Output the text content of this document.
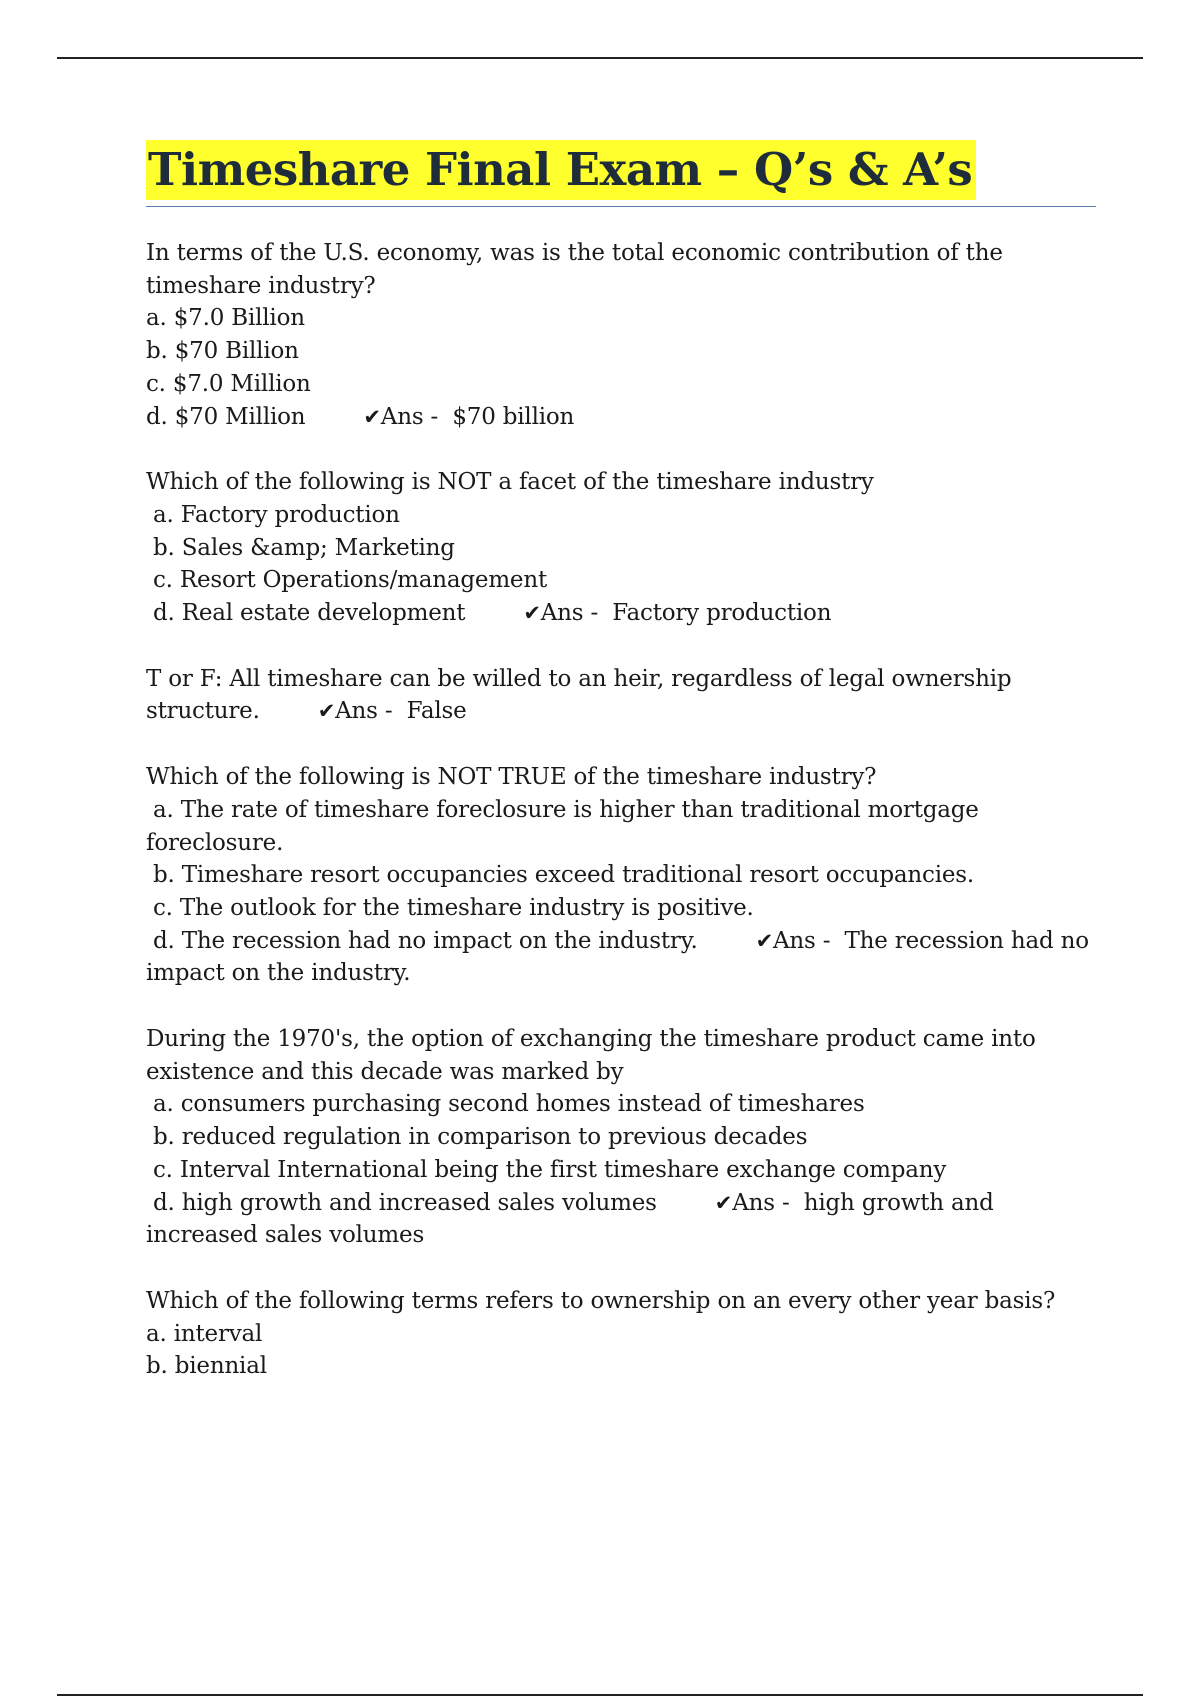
Timeshare Final Exam – Q’s & A’s
In terms of the U.S. economy, was is the total economic contribution of the timeshare industry?
a. $7.0 Billion
b. $70 Billion
c. $7.0 Million
d. $70 Million	✔Ans -  $70 billion
Which of the following is NOT a facet of the timeshare industry
a. Factory production
b. Sales &amp; Marketing
c. Resort Operations/management
d. Real estate development	✔Ans -  Factory production
T or F: All timeshare can be willed to an heir, regardless of legal ownership structure.	✔Ans -  False
Which of the following is NOT TRUE of the timeshare industry?
a. The rate of timeshare foreclosure is higher than traditional mortgage foreclosure.
b. Timeshare resort occupancies exceed traditional resort occupancies.
c. The outlook for the timeshare industry is positive.
d. The recession had no impact on the industry.	✔Ans -  The recession had no impact on the industry.
During the 1970's, the option of exchanging the timeshare product came into existence and this decade was marked by
a. consumers purchasing second homes instead of timeshares
b. reduced regulation in comparison to previous decades
c. Interval International being the first timeshare exchange company
d. high growth and increased sales volumes	✔Ans -  high growth and increased sales volumes
Which of the following terms refers to ownership on an every other year basis?
a. interval
b. biennial
